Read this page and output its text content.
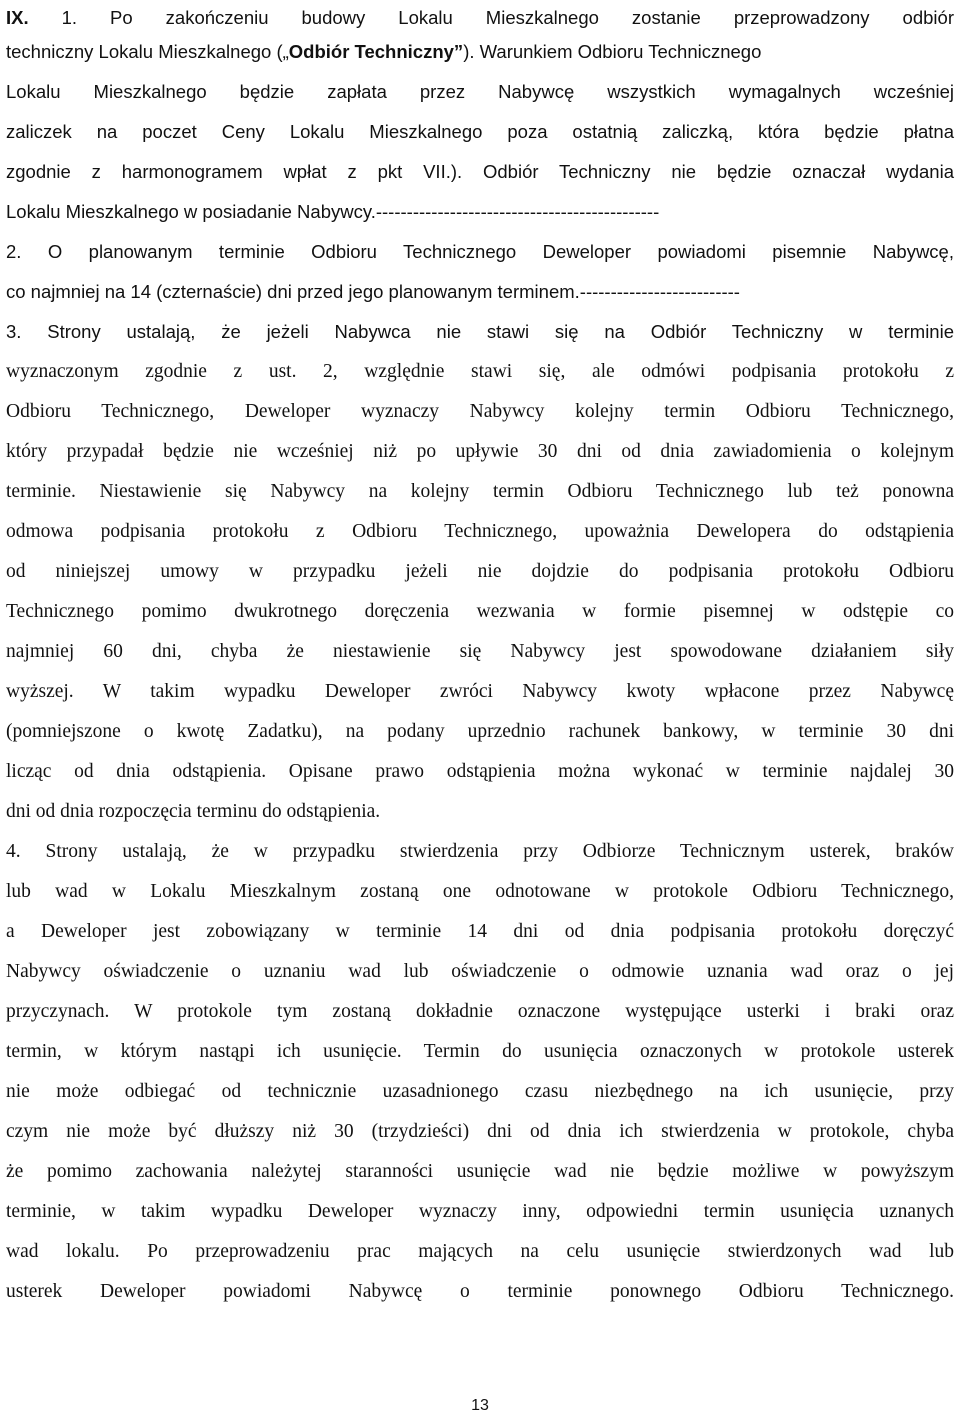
IX. 1. Po zakończeniu budowy Lokalu Mieszkalnego zostanie przeprowadzony odbiór
techniczny Lokalu Mieszkalnego („Odbiór Techniczny”). Warunkiem Odbioru Technicznego
Lokalu Mieszkalnego będzie zapłata przez Nabywcę wszystkich wymagalnych wcześniej
zaliczek na poczet Ceny Lokalu Mieszkalnego poza ostatnią zaliczką, która będzie płatna
zgodnie z harmonogramem wpłat z pkt VII.). Odbiór Techniczny nie będzie oznaczał wydania
Lokalu Mieszkalnego w posiadanie Nabywcy.----------------------------------------------
2. O planowanym terminie Odbioru Technicznego Deweloper powiadomi pisemnie Nabywcę,
co najmniej na 14 (czternaście) dni przed jego planowanym terminem.--------------------------
3. Strony ustalają, że jeżeli Nabywca nie stawi się na Odbiór Techniczny w terminie
wyznaczonym zgodnie z ust. 2, względnie stawi się, ale odmówi podpisania protokołu z
Odbioru Technicznego, Deweloper wyznaczy Nabywcy kolejny termin Odbioru Technicznego,
który przypadał będzie nie wcześniej niż po upływie 30 dni od dnia zawiadomienia o kolejnym
terminie. Niestawienie się Nabywcy na kolejny termin Odbioru Technicznego lub też ponowna
odmowa podpisania protokołu z Odbioru Technicznego, upoważnia Dewelopera do odstąpienia
od niniejszej umowy w przypadku jeżeli nie dojdzie do podpisania protokołu Odbioru
Technicznego pomimo dwukrotnego doręczenia wezwania w formie pisemnej w odstępie co
najmniej 60 dni, chyba że niestawienie się Nabywcy jest spowodowane działaniem siły
wyższej. W takim wypadku Deweloper zwróci Nabywcy kwoty wpłacone przez Nabywcę
(pomniejszone o kwotę Zadatku), na podany uprzednio rachunek bankowy, w terminie 30 dni
licząc od dnia odstąpienia. Opisane prawo odstąpienia można wykonać w terminie najdalej 30
dni od dnia rozpoczęcia terminu do odstąpienia.
4. Strony ustalają, że w przypadku stwierdzenia przy Odbiorze Technicznym usterek, braków
lub wad w Lokalu Mieszkalnym zostaną one odnotowane w protokole Odbioru Technicznego,
a Deweloper jest zobowiązany w terminie 14 dni od dnia podpisania protokołu doręczyć
Nabywcy oświadczenie o uznaniu wad lub oświadczenie o odmowie uznania wad oraz o jej
przyczynach. W protokole tym zostaną dokładnie oznaczone występujące usterki i braki oraz
termin, w którym nastąpi ich usunięcie. Termin do usunięcia oznaczonych w protokole usterek
nie może odbiegać od technicznie uzasadnionego czasu niezbędnego na ich usunięcie, przy
czym nie może być dłuższy niż 30 (trzydzieści) dni od dnia ich stwierdzenia w protokole, chyba
że pomimo zachowania należytej staranności usunięcie wad nie będzie możliwe w powyższym
terminie, w takim wypadku Deweloper wyznaczy inny, odpowiedni termin usunięcia uznanych
wad lokalu. Po przeprowadzeniu prac mających na celu usunięcie stwierdzonych wad lub
usterek Deweloper powiadomi Nabywcę o terminie ponownego Odbioru Technicznego.
13
